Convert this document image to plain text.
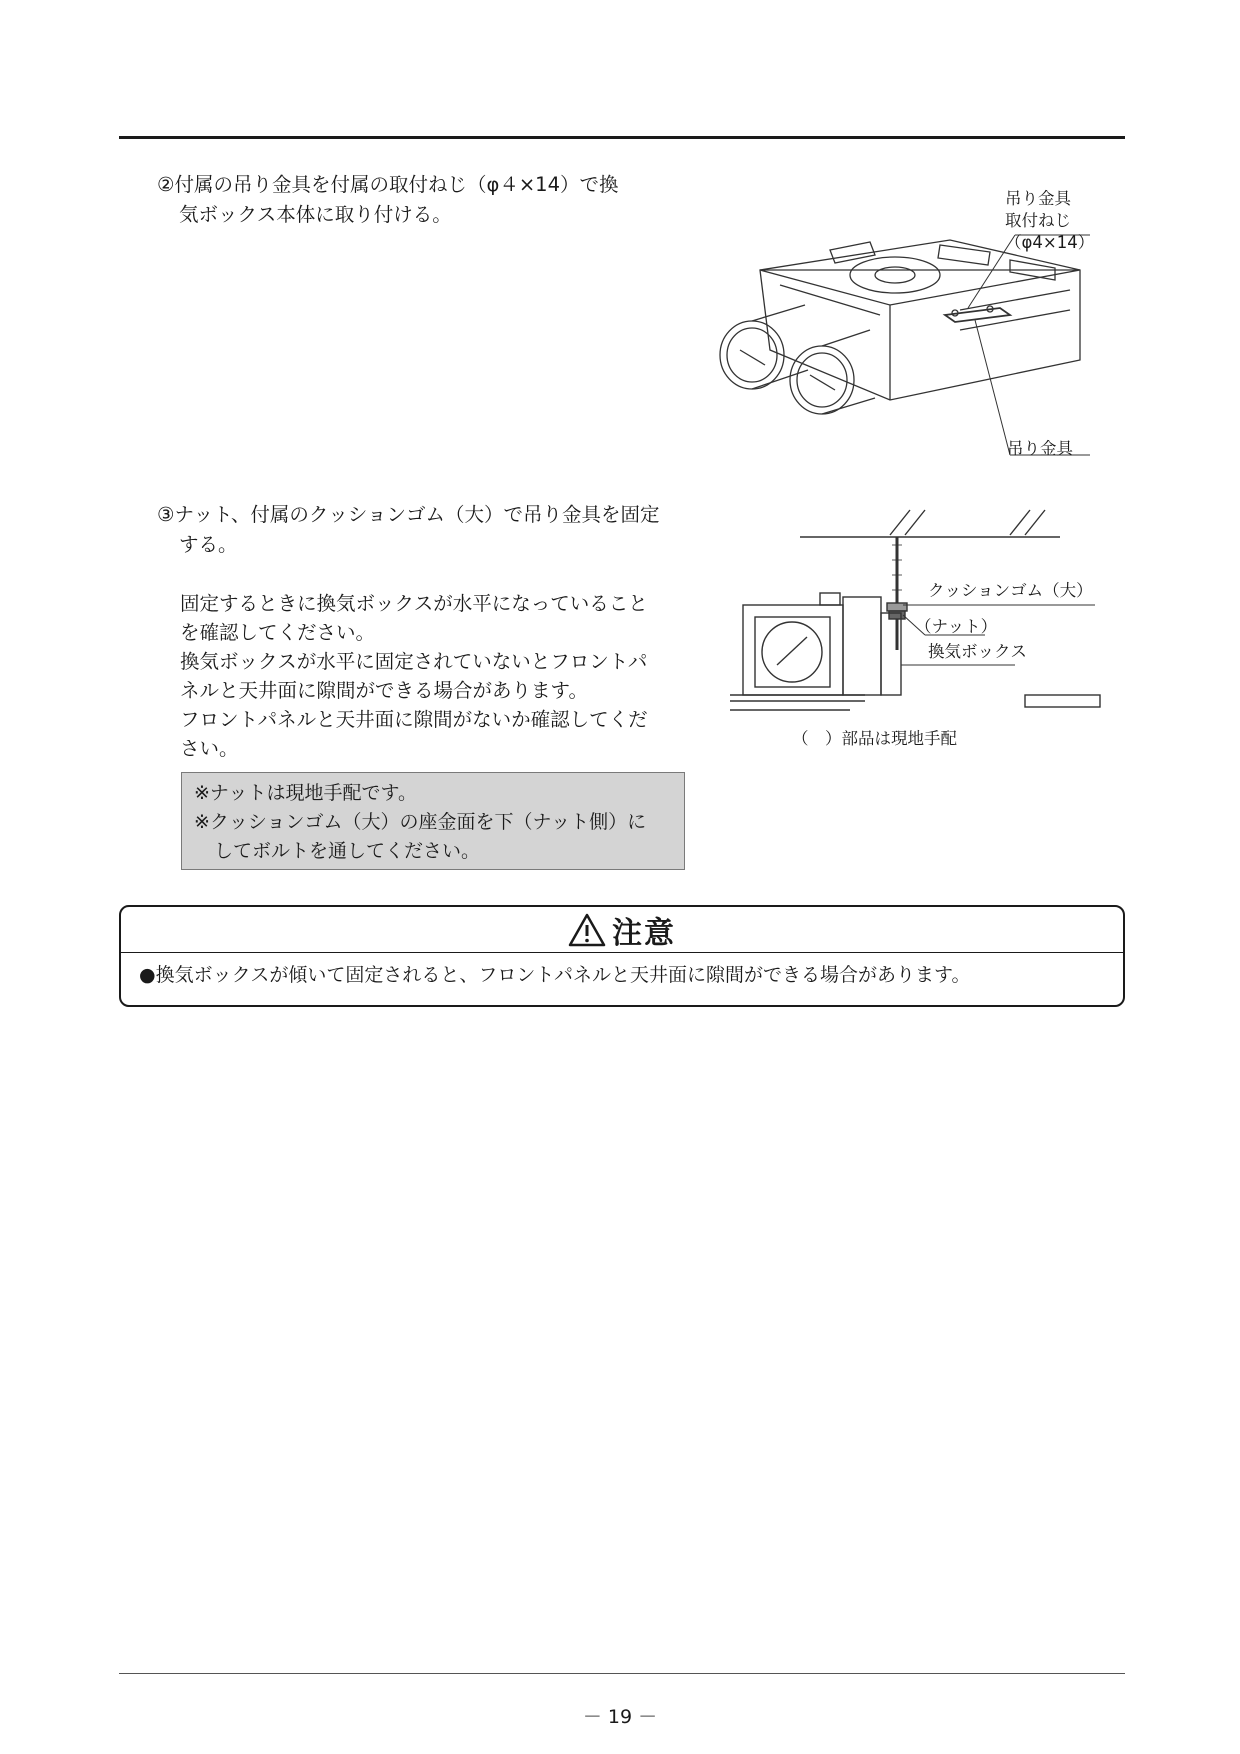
②付属の吊り金具を付属の取付ねじ（φ４×14）で換
気ボックス本体に取り付ける。
吊り金具
取付ねじ
（φ4×14）
吊り金具
③ナット、付属のクッションゴム（大）で吊り金具を固定
する。
固定するときに換気ボックスが水平になっていること
を確認してください。
換気ボックスが水平に固定されていないとフロントパ
ネルと天井面に隙間ができる場合があります。
フロントパネルと天井面に隙間がないか確認してくだ
さい。
※ナットは現地手配です。
※クッションゴム（大）の座金面を下（ナット側）に
してボルトを通してください。
クッションゴム（大）
（ナット）
換気ボックス
（　）部品は現地手配
注意
●換気ボックスが傾いて固定されると、フロントパネルと天井面に隙間ができる場合があります。
－ 19 －
